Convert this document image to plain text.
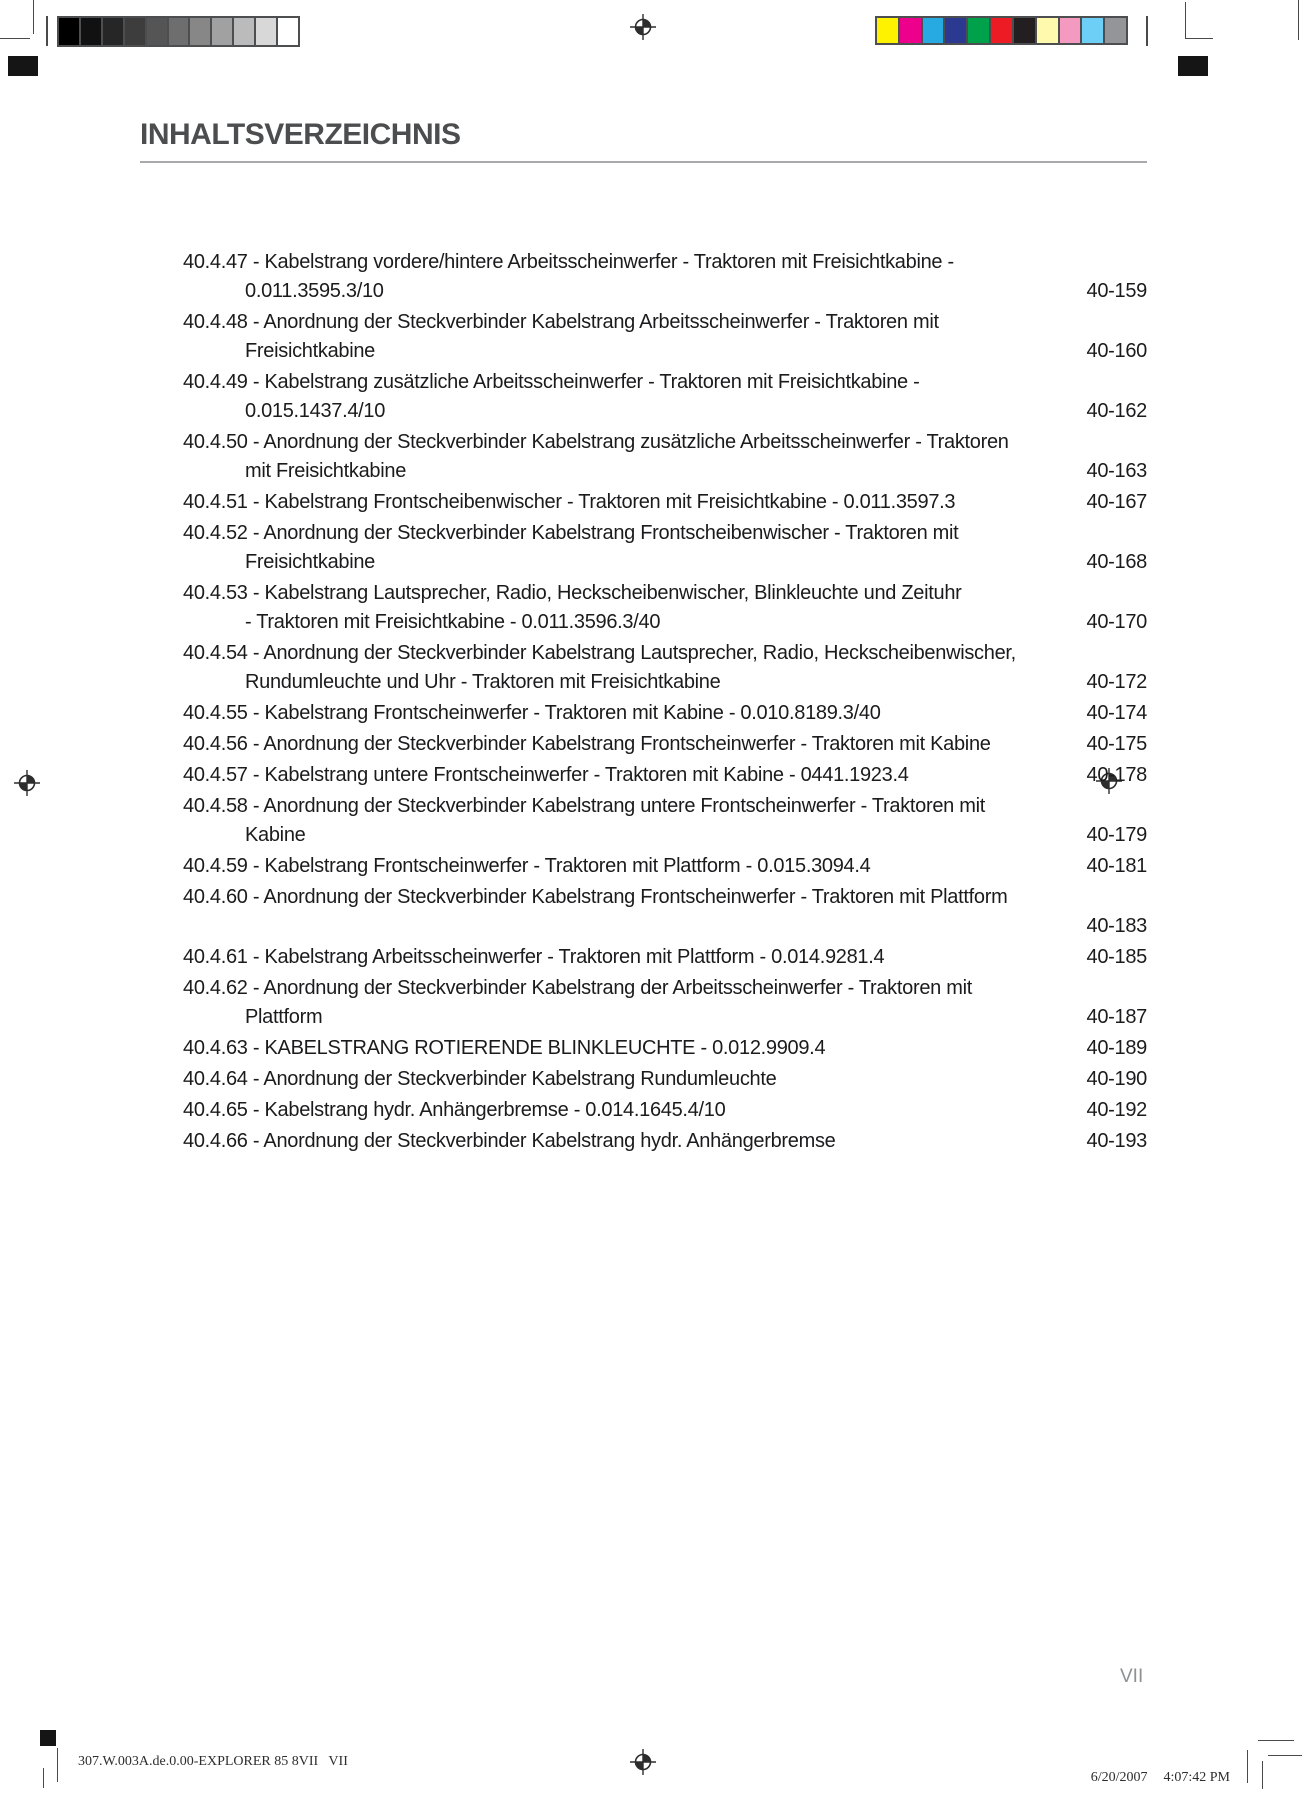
INHALTSVERZEICHNIS
40.4.47 - Kabelstrang vordere/hintere Arbeitsscheinwerfer - Traktoren mit Freisichtkabine -
0.011.3595.3/10	40-159
40.4.48 - Anordnung der Steckverbinder Kabelstrang Arbeitsscheinwerfer - Traktoren mit
Freisichtkabine	40-160
40.4.49 - Kabelstrang zusätzliche Arbeitsscheinwerfer - Traktoren mit Freisichtkabine -
0.015.1437.4/10	40-162
40.4.50 - Anordnung der Steckverbinder Kabelstrang zusätzliche Arbeitsscheinwerfer - Traktoren
mit Freisichtkabine	40-163
40.4.51 - Kabelstrang Frontscheibenwischer - Traktoren mit Freisichtkabine - 0.011.3597.3	40-167
40.4.52 - Anordnung der Steckverbinder Kabelstrang Frontscheibenwischer - Traktoren mit
Freisichtkabine	40-168
40.4.53 - Kabelstrang Lautsprecher, Radio, Heckscheibenwischer, Blinkleuchte und Zeituhr
- Traktoren mit Freisichtkabine - 0.011.3596.3/40	40-170
40.4.54 - Anordnung der Steckverbinder Kabelstrang Lautsprecher, Radio, Heckscheibenwischer,
Rundumleuchte und Uhr - Traktoren mit Freisichtkabine	40-172
40.4.55 - Kabelstrang Frontscheinwerfer - Traktoren mit Kabine - 0.010.8189.3/40	40-174
40.4.56 - Anordnung der Steckverbinder Kabelstrang Frontscheinwerfer - Traktoren mit Kabine	40-175
40.4.57 - Kabelstrang untere Frontscheinwerfer - Traktoren mit Kabine - 0441.1923.4	40-178
40.4.58 - Anordnung der Steckverbinder Kabelstrang untere Frontscheinwerfer - Traktoren mit
Kabine	40-179
40.4.59 - Kabelstrang Frontscheinwerfer - Traktoren mit Plattform - 0.015.3094.4	40-181
40.4.60 - Anordnung der Steckverbinder Kabelstrang Frontscheinwerfer - Traktoren mit Plattform
40-183
40.4.61 - Kabelstrang Arbeitsscheinwerfer - Traktoren mit Plattform - 0.014.9281.4	40-185
40.4.62 - Anordnung der Steckverbinder Kabelstrang der Arbeitsscheinwerfer - Traktoren mit
Plattform	40-187
40.4.63 - KABELSTRANG ROTIERENDE BLINKLEUCHTE - 0.012.9909.4	40-189
40.4.64 - Anordnung der Steckverbinder Kabelstrang Rundumleuchte	40-190
40.4.65 - Kabelstrang hydr. Anhängerbremse - 0.014.1645.4/10	40-192
40.4.66 - Anordnung der Steckverbinder Kabelstrang hydr. Anhängerbremse	40-193
VII
307.W.003A.de.0.00-EXPLORER 85 8VII   VII

6/20/2007 4:07:42 PM
